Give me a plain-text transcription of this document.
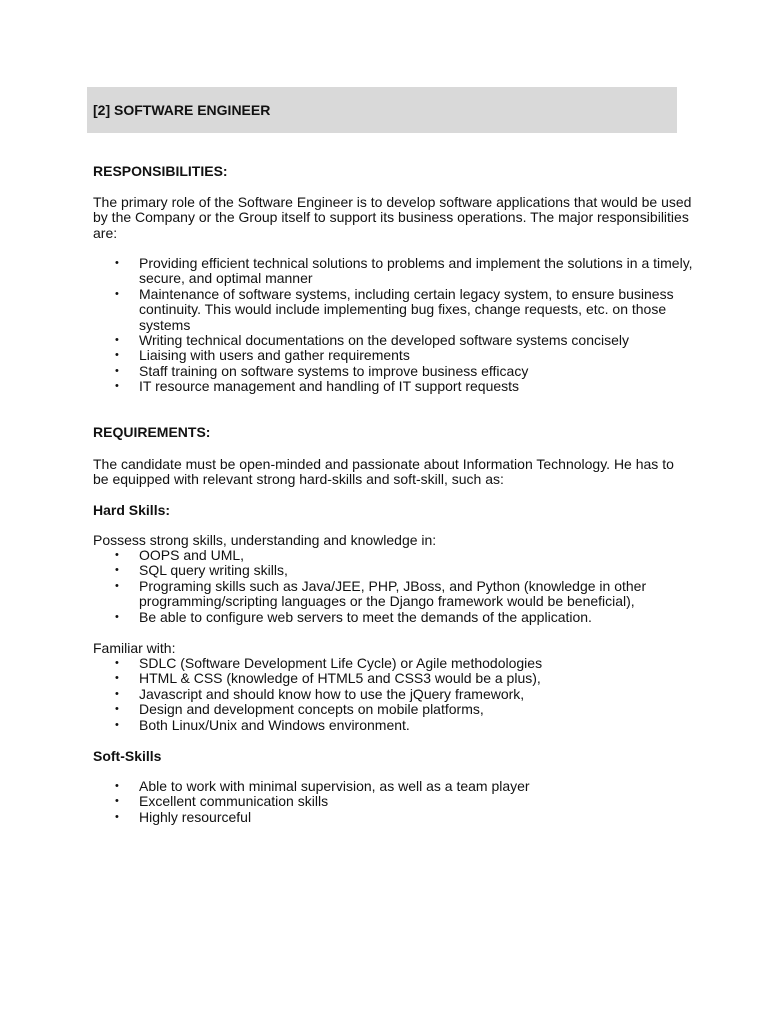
[2] SOFTWARE ENGINEER
RESPONSIBILITIES:
The primary role of the Software Engineer is to develop software applications that would be used by the Company or the Group itself to support its business operations. The major responsibilities are:
• Providing efficient technical solutions to problems and implement the solutions in a timely, secure, and optimal manner
• Maintenance of software systems, including certain legacy system, to ensure business continuity. This would include implementing bug fixes, change requests, etc. on those systems
• Writing technical documentations on the developed software systems concisely
• Liaising with users and gather requirements
• Staff training on software systems to improve business efficacy
• IT resource management and handling of IT support requests
REQUIREMENTS:
The candidate must be open-minded and passionate about Information Technology. He has to be equipped with relevant strong hard-skills and soft-skill, such as:
Hard Skills:
Possess strong skills, understanding and knowledge in:
• OOPS and UML,
• SQL query writing skills,
• Programing skills such as Java/JEE, PHP, JBoss, and Python (knowledge in other programming/scripting languages or the Django framework would be beneficial),
• Be able to configure web servers to meet the demands of the application.
Familiar with:
• SDLC (Software Development Life Cycle) or Agile methodologies
• HTML & CSS (knowledge of HTML5 and CSS3 would be a plus),
• Javascript and should know how to use the jQuery framework,
• Design and development concepts on mobile platforms,
• Both Linux/Unix and Windows environment.
Soft-Skills
• Able to work with minimal supervision, as well as a team player
• Excellent communication skills
• Highly resourceful
